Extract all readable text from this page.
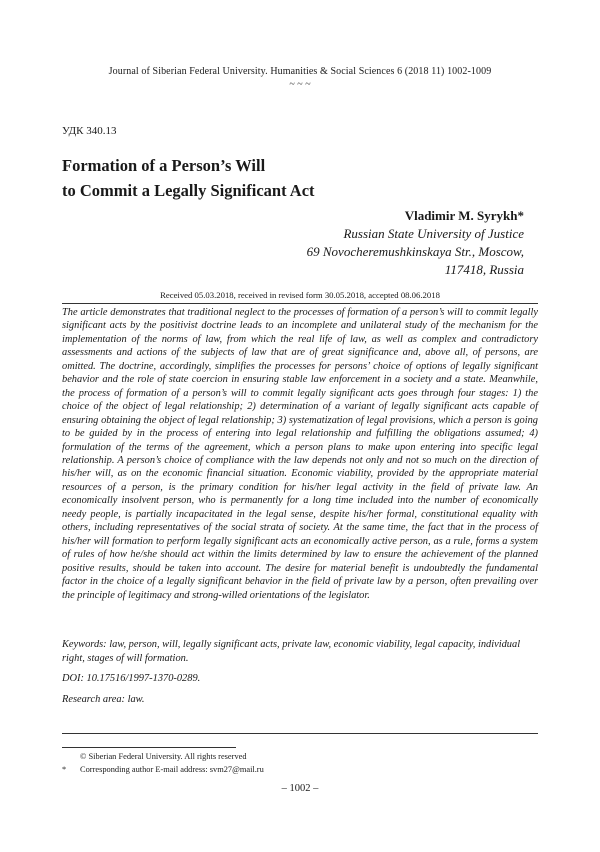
Journal of Siberian Federal University. Humanities & Social Sciences 6 (2018 11) 1002-1009
~ ~ ~
УДК 340.13
Formation of a Person’s Will
to Commit a Legally Significant Act
Vladimir M. Syrykh*
Russian State University of Justice
69 Novocheremushkinskaya Str., Moscow,
117418, Russia
Received 05.03.2018, received in revised form 30.05.2018, accepted 08.06.2018
The article demonstrates that traditional neglect to the processes of formation of a person’s will to commit legally significant acts by the positivist doctrine leads to an incomplete and unilateral study of the mechanism for the implementation of the norms of law, from which the real life of law, as well as complex and contradictory assessments and actions of the subjects of law that are of great significance and, above all, of persons, are omitted. The doctrine, accordingly, simplifies the processes for persons’ choice of options of legally significant behavior and the role of state coercion in ensuring stable law enforcement in a society and a state. Meanwhile, the process of formation of a person’s will to commit legally significant acts goes through four stages: 1) the choice of the object of legal relationship; 2) determination of a variant of legally significant acts capable of ensuring obtaining the object of legal relationship; 3) systematization of legal provisions, which a person is going to be guided by in the process of entering into legal relationship and fulfilling the obligations assumed; 4) formulation of the terms of the agreement, which a person plans to make upon entering into specific legal relationship. A person’s choice of compliance with the law depends not only and not so much on the direction of his/her will, as on the economic financial situation. Economic viability, provided by the appropriate material resources of a person, is the primary condition for his/her legal activity in the field of private law. An economically insolvent person, who is permanently for a long time included into the number of economically needy people, is partially incapacitated in the legal sense, despite his/her formal, constitutional equality with others, including representatives of the social strata of society. At the same time, the fact that in the process of his/her will formation to perform legally significant acts an economically active person, as a rule, forms a system of rules of how he/she should act within the limits determined by law to ensure the achievement of the planned positive results, should be taken into account. The desire for material benefit is undoubtedly the fundamental factor in the choice of a legally significant behavior in the field of private law by a person, often prevailing over the principle of legitimacy and strong-willed orientations of the legislator.
Keywords: law, person, will, legally significant acts, private law, economic viability, legal capacity, individual right, stages of will formation.
DOI: 10.17516/1997-1370-0289.
Research area: law.
© Siberian Federal University. All rights reserved
* Corresponding author E-mail address: svm27@mail.ru
– 1002 –
